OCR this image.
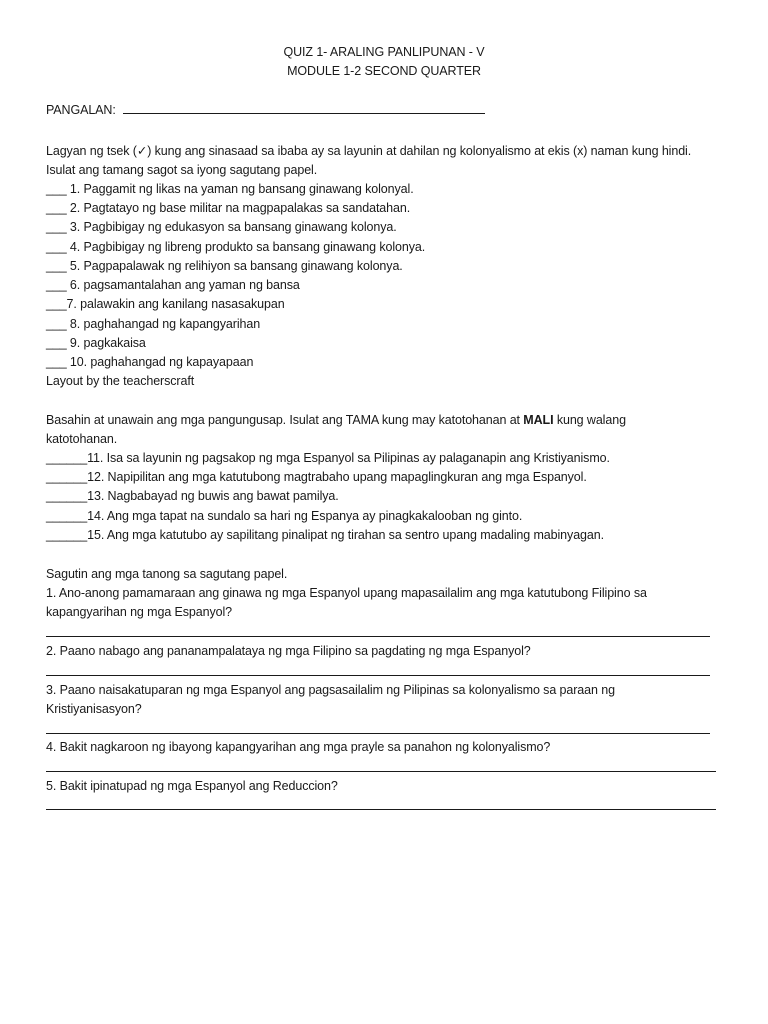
QUIZ 1- ARALING PANLIPUNAN - V
MODULE 1-2 SECOND QUARTER
PANGALAN:
Lagyan ng tsek (✓) kung ang sinasaad sa ibaba ay sa layunin at dahilan ng kolonyalismo at ekis (x) naman kung hindi.
Isulat ang tamang sagot sa iyong sagutang papel.
___ 1. Paggamit ng likas na yaman ng bansang ginawang kolonyal.
___ 2. Pagtatayo ng base militar na magpapalakas sa sandatahan.
___ 3. Pagbibigay ng edukasyon sa bansang ginawang kolonya.
___ 4. Pagbibigay ng libreng produkto sa bansang ginawang kolonya.
___ 5. Pagpapalawak ng relihiyon sa bansang ginawang kolonya.
___ 6. pagsamantalahan ang yaman ng bansa
___7. palawakin ang kanilang nasasakupan
___ 8. paghahangad ng kapangyarihan
___ 9. pagkakaisa
___ 10. paghahangad ng kapayapaan
Layout by the teacherscraft
Basahin at unawain ang mga pangungusap. Isulat ang TAMA kung may katotohanan at MALI kung walang
katotohanan.
______11. Isa sa layunin ng pagsakop ng mga Espanyol sa Pilipinas ay palaganapin ang Kristiyanismo.
______12. Napipilitan ang mga katutubong magtrabaho upang mapaglingkuran ang mga Espanyol.
______13. Nagbabayad ng buwis ang bawat pamilya.
______14. Ang mga tapat na sundalo sa hari ng Espanya ay pinagkakalooban ng ginto.
______15. Ang mga katutubo ay sapilitang pinalipat ng tirahan sa sentro upang madaling mabinyagan.
Sagutin ang mga tanong sa sagutang papel.
1. Ano-anong pamamaraan ang ginawa ng mga Espanyol upang mapasailalim ang mga katutubong Filipino sa
kapangyarihan ng mga Espanyol?
2. Paano nabago ang pananampalataya ng mga Filipino sa pagdating ng mga Espanyol?
3. Paano naisakatuparan ng mga Espanyol ang pagsasailalim ng Pilipinas sa kolonyalismo sa paraan ng
Kristiyanisasyon?
4. Bakit nagkaroon ng ibayong kapangyarihan ang mga prayle sa panahon ng kolonyalismo?
5. Bakit ipinatupad ng mga Espanyol ang Reduccion?
